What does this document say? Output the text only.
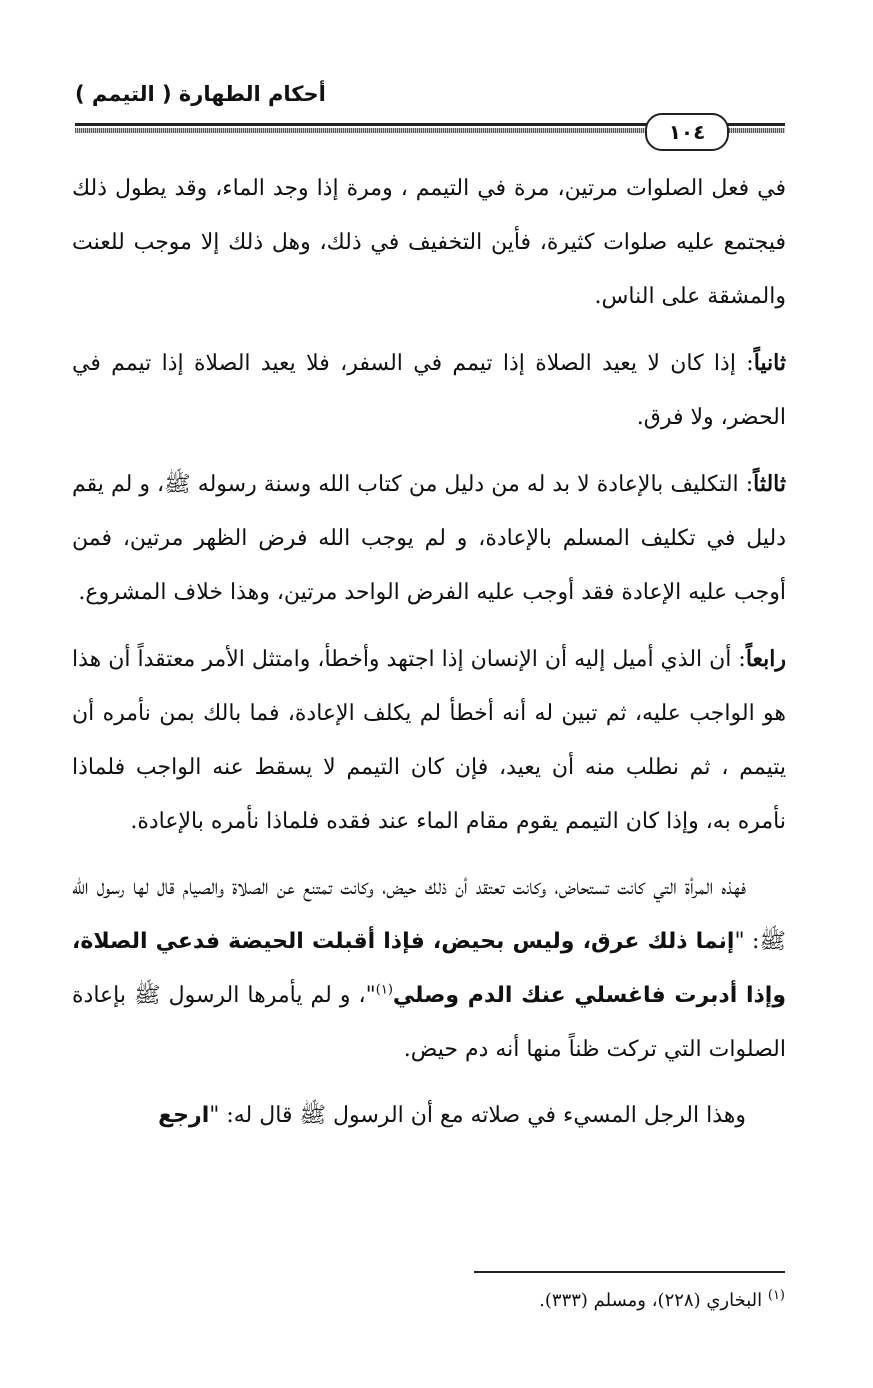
أحكام الطهارة ( التيمم )
١٠٤

في فعل الصلوات مرتين، مرة في التيمم ، ومرة إذا وجد الماء، وقد يطول ذلك فيجتمع عليه صلوات كثيرة، فأين التخفيف في ذلك، وهل ذلك إلا موجب للعنت والمشقة على الناس.

ثانياً: إذا كان لا يعيد الصلاة إذا تيمم في السفر، فلا يعيد الصلاة إذا تيمم في الحضر، ولا فرق.

ثالثاً: التكليف بالإعادة لا بد له من دليل من كتاب الله وسنة رسوله ﷺ، و لم يقم دليل في تكليف المسلم بالإعادة، و لم يوجب الله فرض الظهر مرتين، فمن أوجب عليه الإعادة فقد أوجب عليه الفرض الواحد مرتين، وهذا خلاف المشروع.

رابعاً: أن الذي أميل إليه أن الإنسان إذا اجتهد وأخطأ، وامتثل الأمر معتقداً أن هذا هو الواجب عليه، ثم تبين له أنه أخطأ لم يكلف الإعادة، فما بالك بمن نأمره أن يتيمم ، ثم نطلب منه أن يعيد، فإن كان التيمم لا يسقط عنه الواجب فلماذا نأمره به، وإذا كان التيمم يقوم مقام الماء عند فقده فلماذا نأمره بالإعادة.

فهذه المرأة التي كانت تستحاض، وكانت تعتقد أن ذلك حيض، وكانت تمتنع عن الصلاة والصيام قال لها رسول الله ﷺ: "إنما ذلك عرق، وليس بحيض، فإذا أقبلت الحيضة فدعي الصلاة، وإذا أدبرت فاغسلي عنك الدم وصلي$^{(١)}$"، و لم يأمرها الرسول ﷺ بإعادة الصلوات التي تركت ظناً منها أنه دم حيض.

وهذا الرجل المسيء في صلاته مع أن الرسول ﷺ قال له: "ارجع

$^{(١)}$ البخاري (٢٢٨)، ومسلم (٣٣٣).
